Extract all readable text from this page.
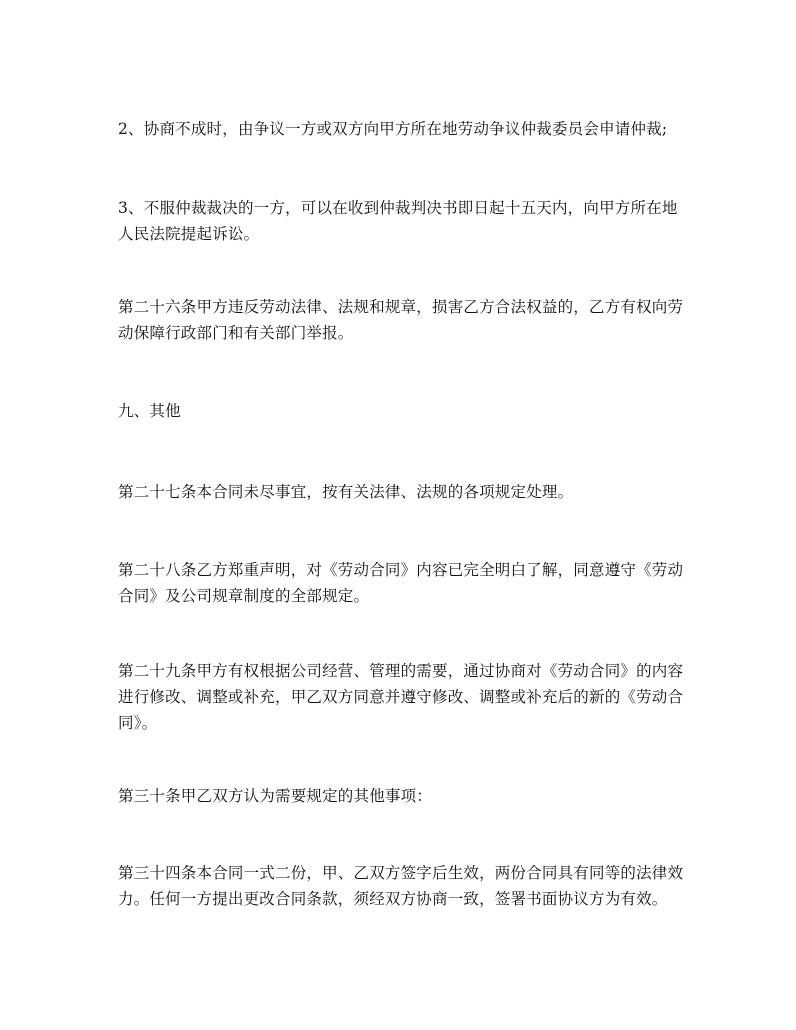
2、协商不成时，由争议一方或双方向甲方所在地劳动争议仲裁委员会申请仲裁;
3、不服仲裁裁决的一方，可以在收到仲裁判决书即日起十五天内，向甲方所在地
人民法院提起诉讼。
第二十六条甲方违反劳动法律、法规和规章，损害乙方合法权益的，乙方有权向劳
动保障行政部门和有关部门举报。
九、其他
第二十七条本合同未尽事宜，按有关法律、法规的各项规定处理。
第二十八条乙方郑重声明，对《劳动合同》内容已完全明白了解，同意遵守《劳动
合同》及公司规章制度的全部规定。
第二十九条甲方有权根据公司经营、管理的需要，通过协商对《劳动合同》的内容
进行修改、调整或补充，甲乙双方同意并遵守修改、调整或补充后的新的《劳动合
同》。
第三十条甲乙双方认为需要规定的其他事项：
第三十四条本合同一式二份，甲、乙双方签字后生效，两份合同具有同等的法律效
力。任何一方提出更改合同条款，须经双方协商一致，签署书面协议方为有效。
